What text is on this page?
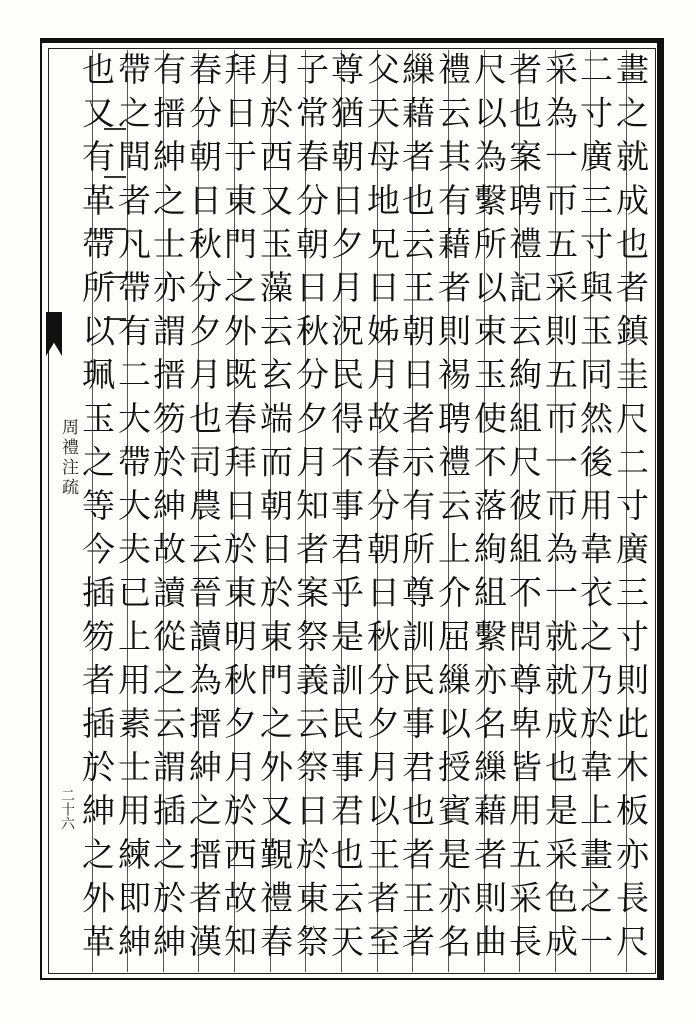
周禮注疏
二十六	畫之就成也者鎮圭尺二寸廣三寸則此木板亦長尺
二寸廣三寸與玉同然後用韋衣之乃於韋上畫之一
采為一帀五采則五帀一帀為一就就成也是采色成
者也案聘禮記云絢組尺彼組不問尊卑皆用五采長
尺以為繫所以束玉使不落絢組繫亦名繅藉者則曲
禮云其有藉者則裼聘禮云上介屈繅以授賓是亦名
繅藉者也云王朝日者示有所尊訓民事君也者王者
父天母地兄日姊月故春分朝日秋分夕月以王者至
尊猶朝日夕月況民得不事君乎是訓民事君也云天
子常春分朝日秋分夕月知者案祭義云祭日於東祭
月於西又玉藻云玄端而朝日於東門之外又覲禮春
拜日于東門之外既春拜日於東明秋夕月於西故知
春分朝日秋分夕月也司農云晉讀為搢紳之搢者漢
有搢紳之士亦謂搢笏於紳故讀從之云謂插之於紳
帶之間者凡帶有二大帶大夫已上用素士用練即紳
也又有革帶所以珮玉之等今插笏者插於紳之外革
